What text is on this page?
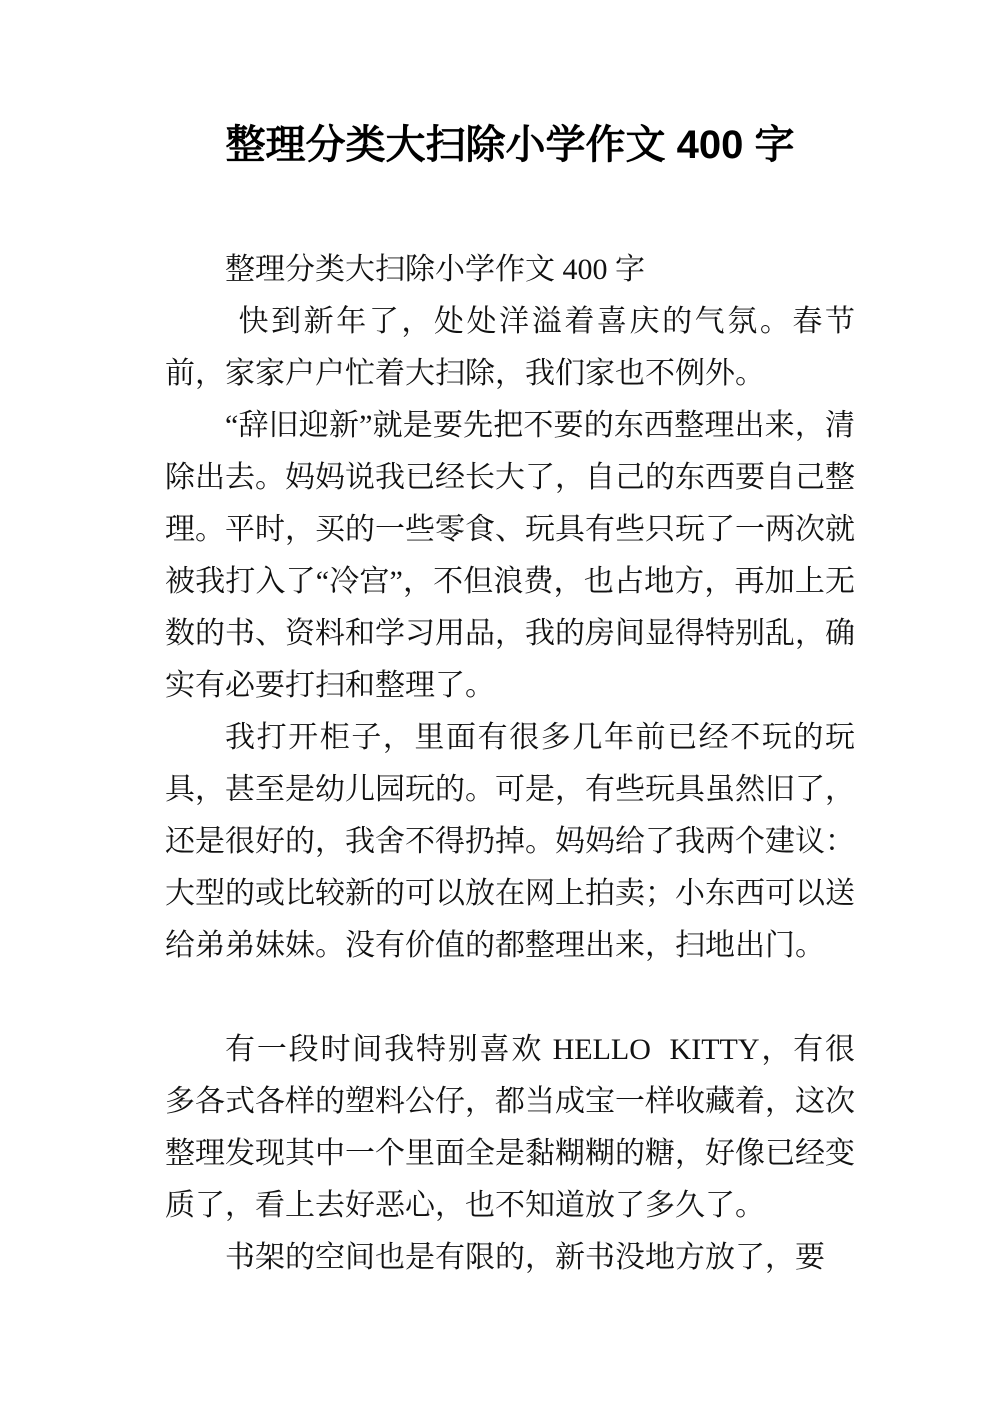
整理分类大扫除小学作文 400 字

整理分类大扫除小学作文 400 字

快到新年了，处处洋溢着喜庆的气氛。春节前，家家户户忙着大扫除，我们家也不例外。

“辞旧迎新”就是要先把不要的东西整理出来，清除出去。妈妈说我已经长大了，自己的东西要自己整理。平时，买的一些零食、玩具有些只玩了一两次就被我打入了“冷宫”，不但浪费，也占地方，再加上无数的书、资料和学习用品，我的房间显得特别乱，确实有必要打扫和整理了。

我打开柜子，里面有很多几年前已经不玩的玩具，甚至是幼儿园玩的。可是，有些玩具虽然旧了，还是很好的，我舍不得扔掉。妈妈给了我两个建议：大型的或比较新的可以放在网上拍卖；小东西可以送给弟弟妹妹。没有价值的都整理出来，扫地出门。

有一段时间我特别喜欢 HELLO  KITTY，有很多各式各样的塑料公仔，都当成宝一样收藏着，这次整理发现其中一个里面全是黏糊糊的糖，好像已经变质了，看上去好恶心，也不知道放了多久了。

书架的空间也是有限的，新书没地方放了，要
